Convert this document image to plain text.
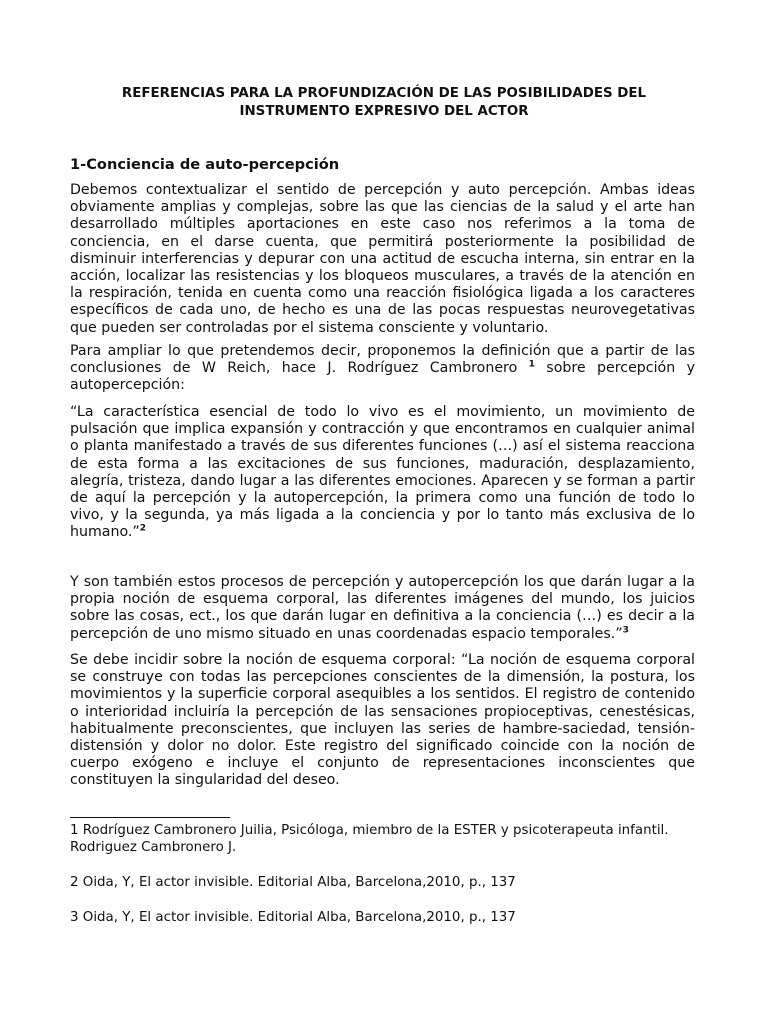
REFERENCIAS PARA LA PROFUNDIZACIÓN DE LAS POSIBILIDADES DEL
INSTRUMENTO EXPRESIVO DEL ACTOR
1-Conciencia de auto-percepción

Debemos contextualizar el sentido de percepción y auto percepción. Ambas ideas obviamente amplias y complejas, sobre las que las ciencias de la salud y el arte han desarrollado múltiples aportaciones en este caso nos referimos a la toma de conciencia, en el darse cuenta, que permitirá posteriormente la posibilidad de disminuir interferencias y depurar con una actitud de escucha interna, sin entrar en la acción, localizar las resistencias y los bloqueos musculares, a través de la atención en la respiración, tenida en cuenta como una reacción fisiológica ligada a los caracteres específicos de cada uno, de hecho es una de las pocas respuestas neurovegetativas que pueden ser controladas por el sistema consciente y voluntario.

Para ampliar lo que pretendemos decir, proponemos la definición que a partir de las conclusiones de W Reich, hace J. Rodríguez Cambronero $^1$ sobre percepción y autopercepción:

“La característica esencial de todo lo vivo es el movimiento, un movimiento de pulsación que implica expansión y contracción y que encontramos en cualquier animal o planta manifestado a través de sus diferentes funciones (…) así el sistema reacciona de esta forma a las excitaciones de sus funciones, maduración, desplazamiento, alegría, tristeza, dando lugar a las diferentes emociones. Aparecen y se forman a partir de aquí la percepción y la autopercepción, la primera como una función de todo lo vivo, y la segunda, ya más ligada a la conciencia y por lo tanto más exclusiva de lo humano.”$^2$

Y son también estos procesos de percepción y autopercepción los que darán lugar a la propia noción de esquema corporal, las diferentes imágenes del mundo, los juicios sobre las cosas, ect., los que darán lugar en definitiva a la conciencia (…) es decir a la percepción de uno mismo situado en unas coordenadas espacio temporales.”$^3$

Se debe incidir sobre la noción de esquema corporal: “La noción de esquema corporal se construye con todas las percepciones conscientes de la dimensión, la postura, los movimientos y la superficie corporal asequibles a los sentidos. El registro de contenido o interioridad incluiría la percepción de las sensaciones propioceptivas, cenestésicas, habitualmente preconscientes, que incluyen las series de hambre-saciedad, tensión-distensión y dolor no dolor. Este registro del significado coincide con la noción de cuerpo exógeno e incluye el conjunto de representaciones inconscientes que constituyen la singularidad del deseo.

1 Rodríguez Cambronero Juilia, Psicóloga, miembro de la ESTER y psicoterapeuta infantil. Rodriguez Cambronero J.

2 Oida, Y, El actor invisible. Editorial Alba, Barcelona,2010, p., 137

3 Oida, Y, El actor invisible. Editorial Alba, Barcelona,2010, p., 137
